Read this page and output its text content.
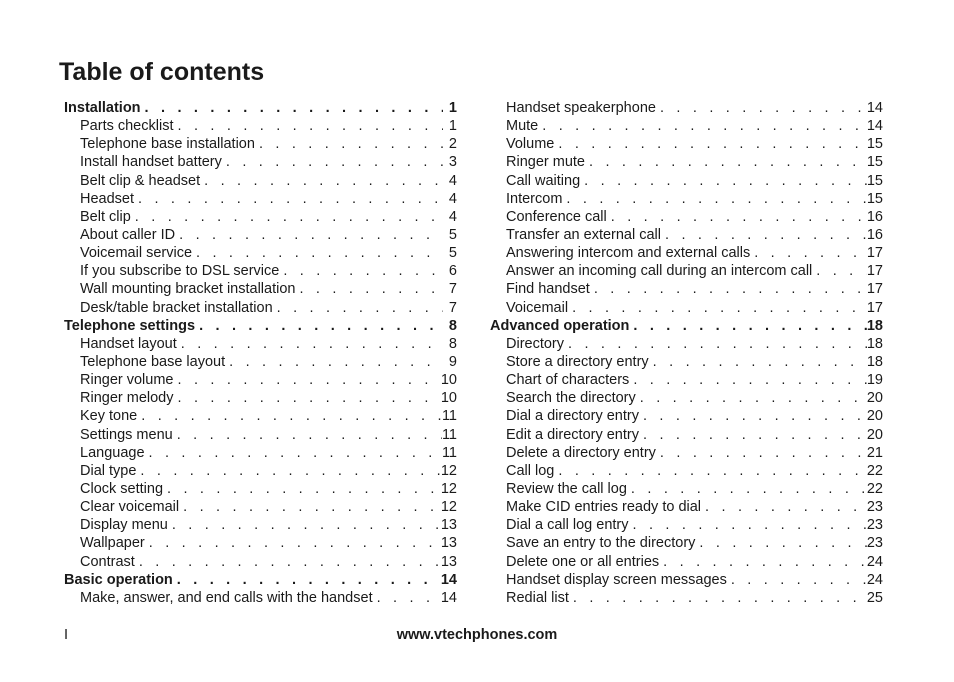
Table of contents
Installation . . .	1
Parts checklist . . .	1
Telephone base installation . . .	2
Install handset battery . . .	3
Belt clip & headset . . .	4
Headset . . .	4
Belt clip . . .	4
About caller ID . . .	5
Voicemail service . . .	5
If you subscribe to DSL service . . .	6
Wall mounting bracket installation . . .	7
Desk/table bracket installation . . .	7
Telephone settings . . .	8
Handset layout . . .	8
Telephone base layout . . .	9
Ringer volume . . .	10
Ringer melody . . .	10
Key tone . . .	11
Settings menu . . .	11
Language . . .	11
Dial type . . .	12
Clock setting . . .	12
Clear voicemail . . .	12
Display menu . . .	13
Wallpaper . . .	13
Contrast . . .	13
Basic operation . . .	14
Make, answer, and end calls with the handset . . .	14
Handset speakerphone . . .	14
Mute . . .	14
Volume . . .	15
Ringer mute . . .	15
Call waiting . . .	15
Intercom . . .	15
Conference call . . .	16
Transfer an external call . . .	16
Answering intercom and external calls . . .	17
Answer an incoming call during an intercom call . . .	17
Find handset . . .	17
Voicemail . . .	17
Advanced operation . . .	18
Directory . . .	18
Store a directory entry . . .	18
Chart of characters . . .	19
Search the directory . . .	20
Dial a directory entry . . .	20
Edit a directory entry . . .	20
Delete a directory entry . . .	21
Call log . . .	22
Review the call log . . .	22
Make CID entries ready to dial . . .	23
Dial a call log entry . . .	23
Save an entry to the directory . . .	23
Delete one or all entries . . .	24
Handset display screen messages . . .	24
Redial list . . .	25
I	www.vtechphones.com
